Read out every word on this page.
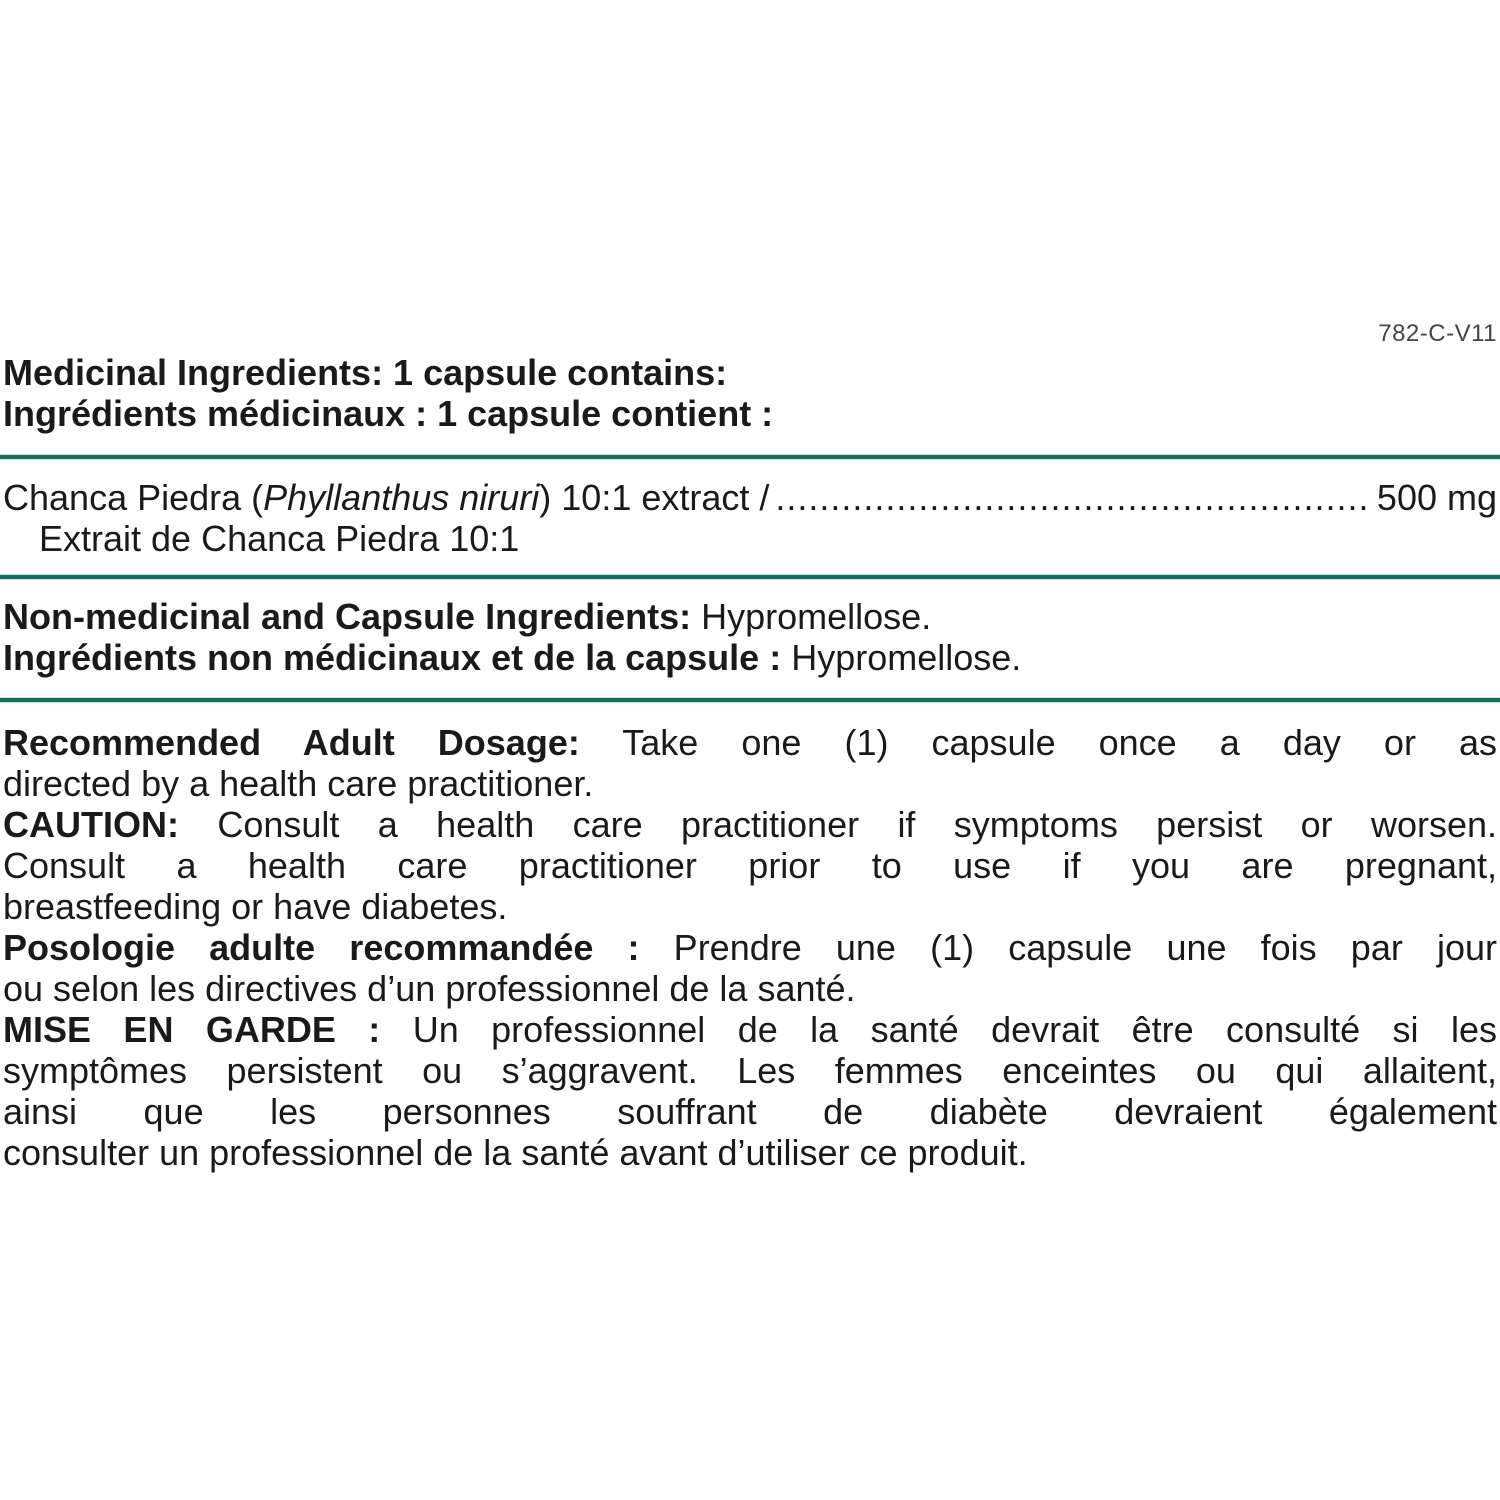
782-C-V11
Medicinal Ingredients: 1 capsule contains:
Ingrédients médicinaux : 1 capsule contient :
Chanca Piedra (Phyllanthus niruri) 10:1 extract / .....	500 mg
Extrait de Chanca Piedra 10:1
Non-medicinal and Capsule Ingredients: Hypromellose.
Ingrédients non médicinaux et de la capsule : Hypromellose.
Recommended Adult Dosage: Take one (1) capsule once a day or as
directed by a health care practitioner.
CAUTION: Consult a health care practitioner if symptoms persist or worsen.
Consult a health care practitioner prior to use if you are pregnant,
breastfeeding or have diabetes.
Posologie adulte recommandée : Prendre une (1) capsule une fois par jour
ou selon les directives d’un professionnel de la santé.
MISE EN GARDE : Un professionnel de la santé devrait être consulté si les
symptômes persistent ou s’aggravent. Les femmes enceintes ou qui allaitent,
ainsi que les personnes souffrant de diabète devraient également
consulter un professionnel de la santé avant d’utiliser ce produit.
